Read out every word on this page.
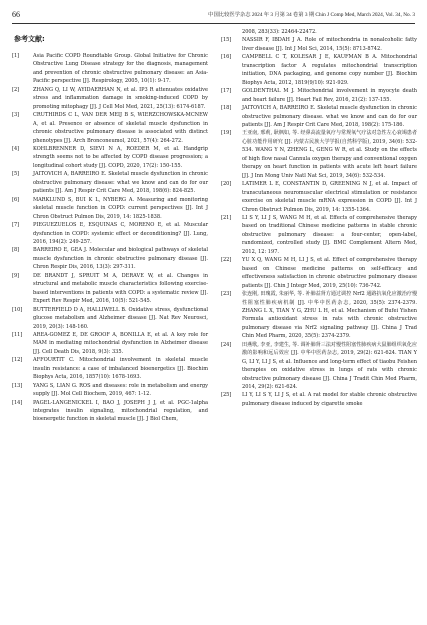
66	中国比较医学杂志 2024 年 3 月第 34 卷第 3 期 Chin J Comp Med, March 2024, Vol. 34, No. 3
参考文献:
[1]	Asia Pacific COPD Roundtable Group. Global Initiative for Chronic Obstructive Lung Disease strategy for the diagnosis, management and prevention of chronic obstructive pulmonary disease: an Asia-Pacific perspective [J]. Respirology, 2005, 10(1): 9-17.
[2]	ZHANG Q, LI W, AYIDAERHAN N, et al. IP3 R attenuates oxidative stress and inflammation damage in smoking-induced COPD by promoting mitophagy [J]. J Cell Mol Med, 2021, 25(13): 6174-6187.
[3]	CRUTHIRDS C L, VAN DER MEIJ B S, WIERZCHOWSKA-MCNEW A, et al. Presence or absence of skeletal muscle dysfunction in chronic obstructive pulmonary disease is associated with distinct phenotypes [J]. Arch Bronconeumol, 2021, 57(4): 264-272.
[4]	KOHLBRENNER D, SIEVI N A, ROEDER M, et al. Handgrip strength seems not to be affected by COPD disease progression; a longitudinal cohort study [J]. COPD, 2020, 17(2): 150-155.
[5]	JAITOVICH A, BARREIRO E. Skeletal muscle dysfunction in chronic obstructive pulmonary disease: what we know and can do for our patients [J]. Am J Respir Crit Care Med, 2018, 198(6): 824-825.
[6]	MARKLUND S, BUI K L, NYBERG A. Measuring and monitoring skeletal muscle function in COPD: current perspectives [J]. Int J Chron Obstruct Pulmon Dis, 2019, 14: 1825-1838.
[7]	PIEGUEZUELOS E, ESQUINAS C, MORENO E, et al. Muscular dysfunction in COPD: systemic effect or deconditioning? [J]. Lung, 2016, 194(2): 249-257.
[8]	BARREIRO E, GEA J. Molecular and biological pathways of skeletal muscle dysfunction in chronic obstructive pulmonary disease [J]. Chron Respir Dis, 2016, 13(3): 297-311.
[9]	DE BRANDT J, SPRUIT M A, DERAVE W, et al. Changes in structural and metabolic muscle characteristics following exercise-based interventions in patients with COPD: a systematic review [J]. Expert Rev Respir Med, 2016, 10(5): 521-545.
[10]	BUTTERFIELD D A, HALLIWELL B. Oxidative stress, dysfunctional glucose metabolism and Alzheimer disease [J]. Nat Rev Neurosci, 2019, 20(3): 148-160.
[11]	AREA-GOMEZ E, DE GROOF A, BONILLA E, et al. A key role for MAM in mediating mitochondrial dysfunction in Alzheimer disease [J]. Cell Death Dis, 2018, 9(3): 335.
[12]	AFFOURTIT C. Mitochondrial involvement in skeletal muscle insulin resistance: a case of imbalanced bioenergetics [J]. Biochim Biophys Acta, 2016, 1857(10): 1678-1693.
[13]	YANG S, LIAN G. ROS and diseases: role in metabolism and energy supply [J]. Mol Cell Biochem, 2019, 467: 1-12.
[14]	PAGEL-LANGENICKEL I, BAO J, JOSEPH J J, et al. PGC-1alpha integrates insulin signaling, mitochondrial regulation, and bioenergetic function in skeletal muscle [J]. J Biol Chem,
2008, 283(33): 22464-22472.
[15]	NASSIR F, IBDAH J A. Role of mitochondria in nonalcoholic fatty liver disease [J]. Int J Mol Sci, 2014, 15(5): 8713-8742.
[16]	CAMPBELL C T, KOLESAR J E, KAUFMAN B A. Mitochondrial transcription factor A regulates mitochondrial transcription initiation, DNA packaging, and genome copy number [J]. Biochim Biophys Acta, 2012, 1819(9/10): 921-929.
[17]	GOLDENTHAL M J. Mitochondrial involvement in myocyte death and heart failure [J]. Heart Fail Rev, 2016, 21(2): 137-155.
[18]	JAITOVICH A, BARREIRO E. Skeletal muscle dysfunction in chronic obstructive pulmonary disease. what we know and can do for our patients [J]. Am J Respir Crit Care Med, 2018, 198(2): 175-186.
[19]	王亚南, 邢莉, 耿枫如, 等. 经鼻高流量氧疗与常规氧气疗法对急性左心衰竭患者心脏功能作用研究 [J]. 内蒙古民族大学学报(自然科学版), 2019, 34(6): 532-534. WANG Y N, ZHENG L, GENG W R, et al. Study on the effects of high flow nasal Cannula oxygen therapy and conventional oxygen therapy on heart function in patients with acute left heart failure [J]. J Inn Mong Univ Natl Nat Sci, 2019, 34(6): 532-534.
[20]	LATIMER L E, CONSTANTIN D, GREENING N J, et al. Impact of transcutaneous neuromuscular electrical stimulation or resistance exercise on skeletal muscle mRNA expression in COPD [J]. Int J Chron Obstruct Pulmon Dis, 2019, 14: 1355-1364.
[21]	LI S Y, LI J S, WANG M H, et al. Effects of comprehensive therapy based on traditional Chinese medicine patterns in stable chronic obstructive pulmonary disease: a four-center, open-label, randomized, controlled study [J]. BMC Complement Altern Med, 2012, 12: 197.
[22]	YU X Q, WANG M H, LI J S, et al. Effect of comprehensive therapy based on Chinese medicine patterns on self-efficacy and effectiveness satisfaction in chronic obstructive pulmonary disease patients [J]. Chin J Integr Med, 2019, 25(10): 736-742.
[23]	张连刚, 田瑰霞, 朱丽华, 等. 补肺益肾方通过调控 Nrf2 通路抗氧化应激治疗慢性阻塞性肺疾病机制 [J]. 中华中医药杂志, 2020, 35(5): 2374-2379. ZHANG L X, TIAN Y G, ZHU L H, et al. Mechanism of Bufei Yishen Formula antioxidant stress in rats with chronic obstructive pulmonary disease via Nrf2 signaling pathway [J]. China J Trad Chin Med Pharm, 2020, 35(5): 2374-2379.
[24]	田燕歌, 李亚, 李建生, 等. 调补肺肾三法对慢性阻塞性肺疾病大鼠肺组织氧化应激的影响和远后效应 [J]. 中华中医药杂志, 2019, 29(2): 621-624. TIAN Y G, LI Y, LI J S, et al. Influence and long-term effect of tiaobu Feishen therapies on oxidative stress in lungs of rats with chronic obstructive pulmonary disease [J]. China J Tradit Chin Med Pharm, 2014, 29(2): 621-624.
[25]	LI Y, LI S Y, LI J S, et al. A rat model for stable chronic obstructive pulmonary disease induced by cigarette smoke
